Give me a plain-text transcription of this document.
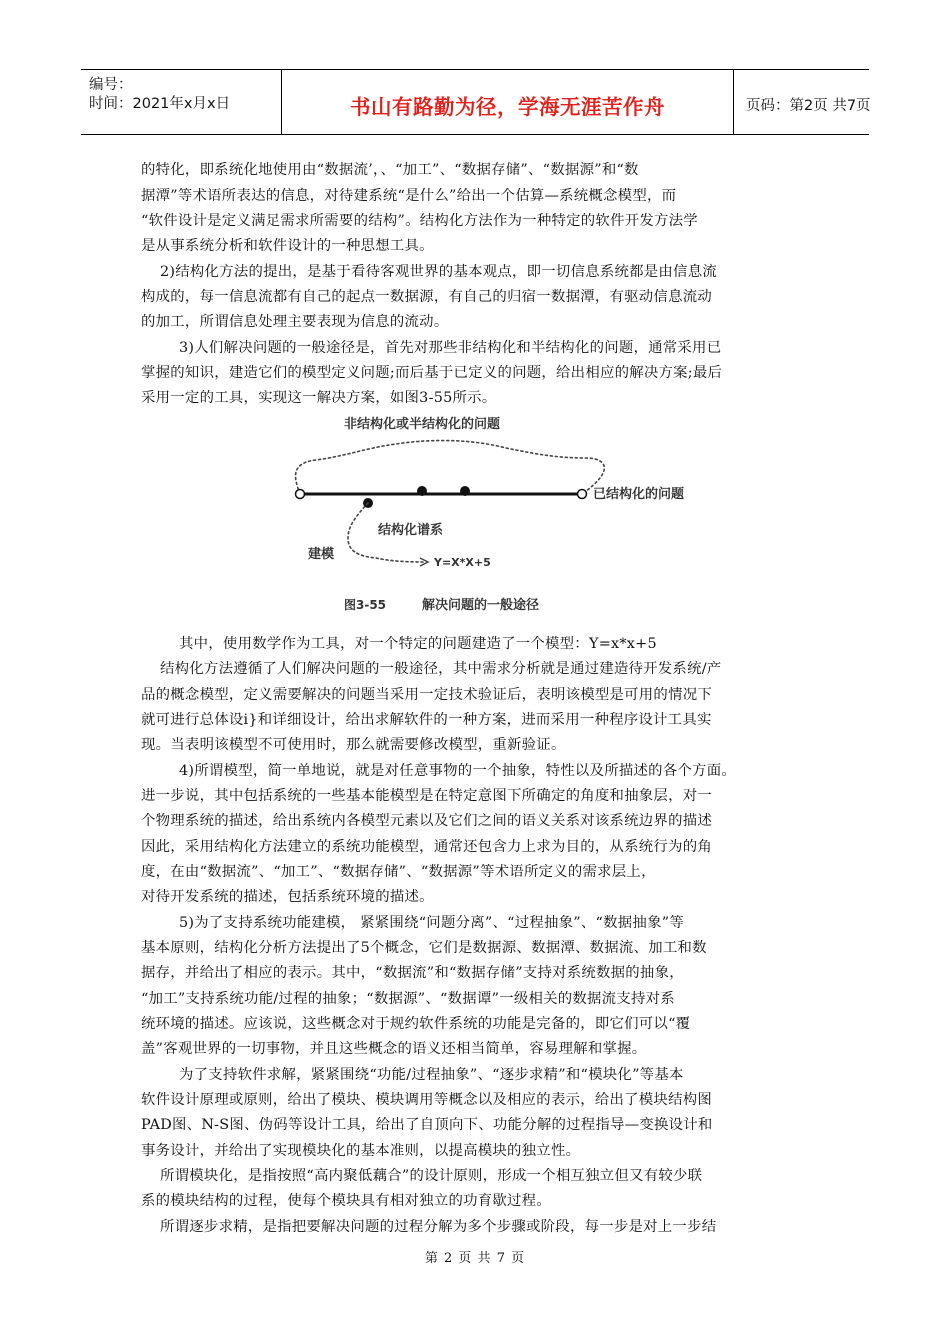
编号：
时间：2021年x月x日	书山有路勤为径，学海无涯苦作舟	页码：第2页 共7页
的特化，即系统化地使用由“数据流’，、“加工”、“数据存储”、“数据源”和“数
据潭”等术语所表达的信息，对待建系统“是什么”给出一个估算—系统概念模型，而
“软件设计是定义满足需求所需要的结构”。结构化方法作为一种特定的软件开发方法学
是从事系统分析和软件设计的一种思想工具。
2)结构化方法的提出，是基于看待客观世界的基本观点，即一切信息系统都是由信息流
构成的，每一信息流都有自己的起点一数据源，有自己的归宿一数据潭，有驱动信息流动
的加工，所谓信息处理主要表现为信息的流动。
3)人们解决问题的一般途径是，首先对那些非结构化和半结构化的问题，通常采用已
掌握的知识，建造它们的模型定义问题;而后基于已定义的问题，给出相应的解决方案;最后
采用一定的工具，实现这一解决方案，如图3-55所示。
其中，使用数学作为工具，对一个特定的问题建造了一个模型：Y=x*x+5
结构化方法遵循了人们解决问题的一般途径，其中需求分析就是通过建造待开发系统/产
品的概念模型，定义需要解决的问题当采用一定技术验证后，表明该模型是可用的情况下
就可进行总体设i}和详细设计，给出求解软件的一种方案，进而采用一种程序设计工具实
现。当表明该模型不可使用时，那么就需要修改模型，重新验证。
4)所谓模型，简一单地说，就是对任意事物的一个抽象，特性以及所描述的各个方面。
进一步说，其中包括系统的一些基本能模型是在特定意图下所确定的角度和抽象层，对一
个物理系统的描述，给出系统内各模型元素以及它们之间的语义关系对该系统边界的描述
因此，采用结构化方法建立的系统功能模型，通常还包含力上求为目的，从系统行为的角
度，在由“数据流”、“加工”、“数据存储”、“数据源”等术语所定义的需求层上，
对待开发系统的描述，包括系统环境的描述。
5)为了支持系统功能建模， 紧紧围绕“问题分离”、“过程抽象”、“数据抽象”等
基本原则，结构化分析方法提出了5个概念，它们是数据源、数据潭、数据流、加工和数
据存，并给出了相应的表示。其中，“数据流”和“数据存储”支持对系统数据的抽象，
“加工”支持系统功能/过程的抽象；“数据源”、“数据谭”一级相关的数据流支持对系
统环境的描述。应该说，这些概念对于规约软件系统的功能是完备的，即它们可以“覆
盖”客观世界的一切事物，并且这些概念的语义还相当简单，容易理解和掌握。
为了支持软件求解，紧紧围绕“功能/过程抽象”、“逐步求精”和“模块化”等基本
软件设计原理或原则，给出了模块、模块调用等概念以及相应的表示，给出了模块结构图
PAD图、N-S图、伪码等设计工具，给出了自顶向下、功能分解的过程指导—变换设计和
事务设计，并给出了实现模块化的基本准则，以提高模块的独立性。
所谓模块化，是指按照“高内聚低藕合”的设计原则，形成一个相互独立但又有较少联
系的模块结构的过程，使每个模块具有相对独立的功育歇过程。
所谓逐步求精，是指把要解决问题的过程分解为多个步骤或阶段，每一步是对上一步结
非结构化或半结构化的问题
已结构化的问题
结构化谱系
建模
Y=X*X+5
图3-55	解决问题的一般途径
第 2 页 共 7 页
